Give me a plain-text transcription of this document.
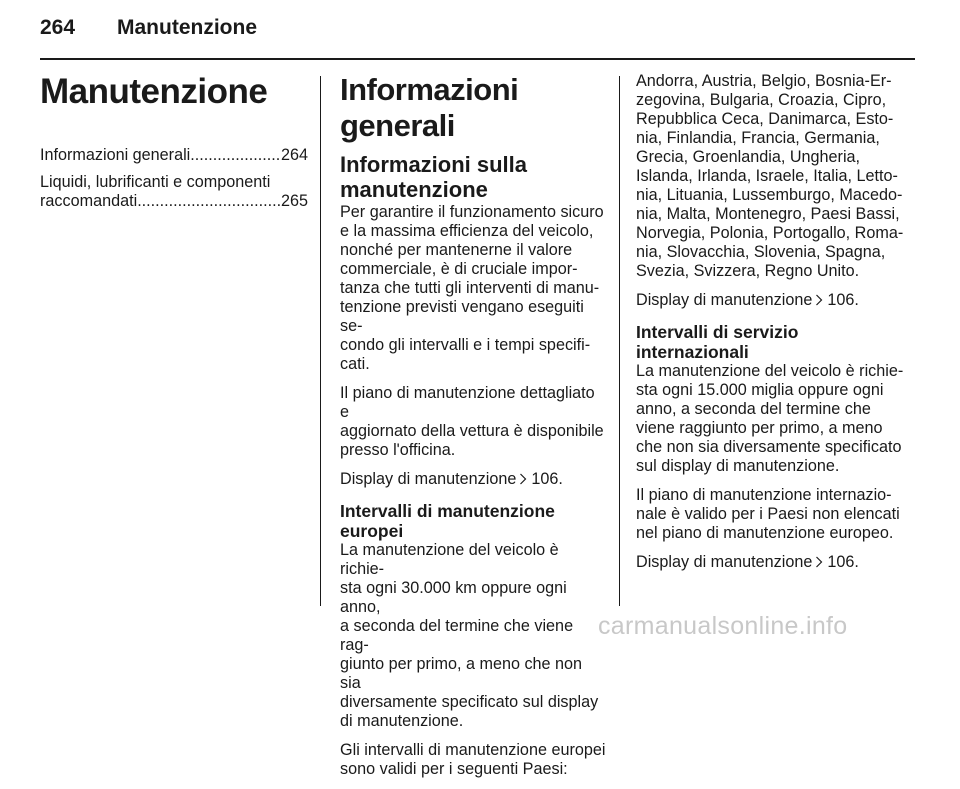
264 Manutenzione
Manutenzione
Informazioni generali .....	264
Liquidi, lubrificanti e componenti
raccomandati .....	265
Informazioni generali
Informazioni sulla
manutenzione

Per garantire il funzionamento sicuro
e la massima efficienza del veicolo,
nonché per mantenerne il valore
commerciale, è di cruciale impor-
tanza che tutti gli interventi di manu-
tenzione previsti vengano eseguiti se-
condo gli intervalli e i tempi specifi-
cati.

Il piano di manutenzione dettagliato e
aggiornato della vettura è disponibile
presso l'officina.

Display di manutenzione 106.

Intervalli di manutenzione
europei

La manutenzione del veicolo è richie-
sta ogni 30.000 km oppure ogni anno,
a seconda del termine che viene rag-
giunto per primo, a meno che non sia
diversamente specificato sul display
di manutenzione.

Gli intervalli di manutenzione europei
sono validi per i seguenti Paesi:

Andorra, Austria, Belgio, Bosnia-Er-
zegovina, Bulgaria, Croazia, Cipro,
Repubblica Ceca, Danimarca, Esto-
nia, Finlandia, Francia, Germania,
Grecia, Groenlandia, Ungheria,
Islanda, Irlanda, Israele, Italia, Letto-
nia, Lituania, Lussemburgo, Macedo-
nia, Malta, Montenegro, Paesi Bassi,
Norvegia, Polonia, Portogallo, Roma-
nia, Slovacchia, Slovenia, Spagna,
Svezia, Svizzera, Regno Unito.

Display di manutenzione 106.

Intervalli di servizio
internazionali

La manutenzione del veicolo è richie-
sta ogni 15.000 miglia oppure ogni
anno, a seconda del termine che
viene raggiunto per primo, a meno
che non sia diversamente specificato
sul display di manutenzione.

Il piano di manutenzione internazio-
nale è valido per i Paesi non elencati
nel piano di manutenzione europeo.

Display di manutenzione 106.

carmanualsonline.info
